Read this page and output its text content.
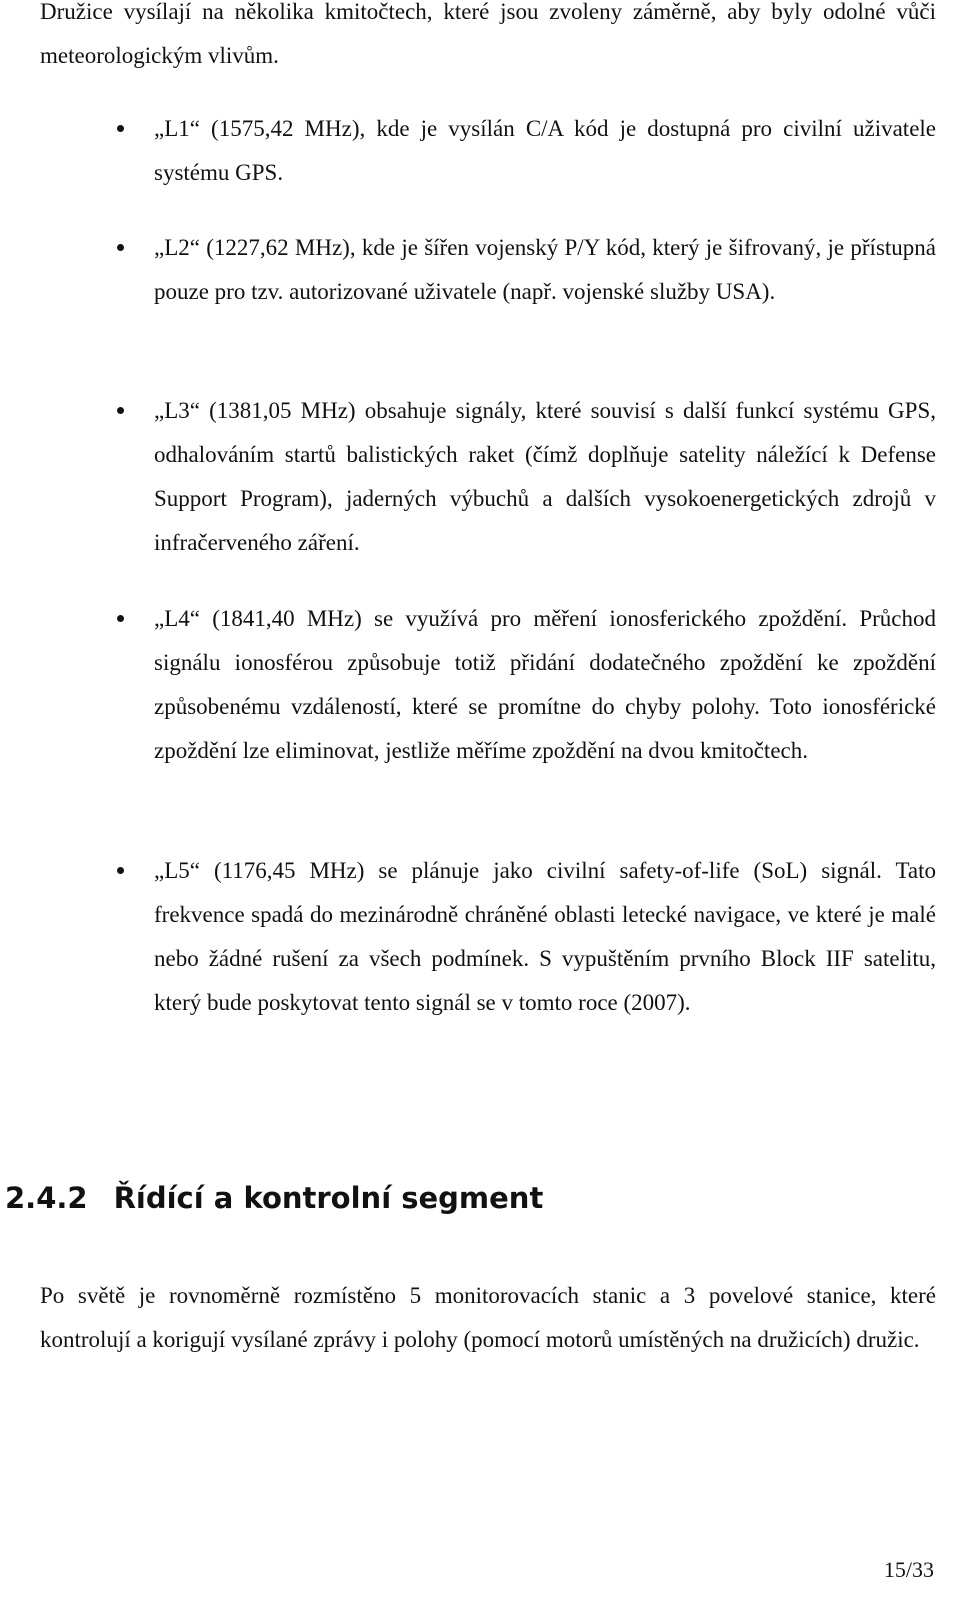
Družice vysílají na několika kmitočtech, které jsou zvoleny záměrně, aby byly odolné vůči meteorologickým vlivům.

„L1“ (1575,42 MHz), kde je vysílán C/A kód je dostupná pro civilní uživatele systému GPS.
„L2“ (1227,62 MHz), kde je šířen vojenský P/Y kód, který je šifrovaný, je přístupná pouze pro tzv. autorizované uživatele (např. vojenské služby USA).
„L3“ (1381,05 MHz) obsahuje signály, které souvisí s další funkcí systému GPS, odhalováním startů balistických raket (čímž doplňuje satelity náležící k Defense Support Program), jaderných výbuchů a dalších vysokoenergetických zdrojů v infračerveného záření.
„L4“ (1841,40 MHz) se využívá pro měření ionosferického zpoždění. Průchod signálu ionosférou způsobuje totiž přidání dodatečného zpoždění ke zpoždění způsobenému vzdáleností, které se promítne do chyby polohy. Toto ionosférické zpoždění lze eliminovat, jestliže měříme zpoždění na dvou kmitočtech.
„L5“ (1176,45 MHz) se plánuje jako civilní safety-of-life (SoL) signál. Tato frekvence spadá do mezinárodně chráněné oblasti letecké navigace, ve které je malé nebo žádné rušení za všech podmínek. S vypuštěním prvního Block IIF satelitu, který bude poskytovat tento signál se v tomto roce (2007).
2.4.2 Řídící a kontrolní segment

Po světě je rovnoměrně rozmístěno 5 monitorovacích stanic a 3 povelové stanice, které kontrolují a korigují vysílané zprávy i polohy (pomocí motorů umístěných na družicích) družic.

15/33
